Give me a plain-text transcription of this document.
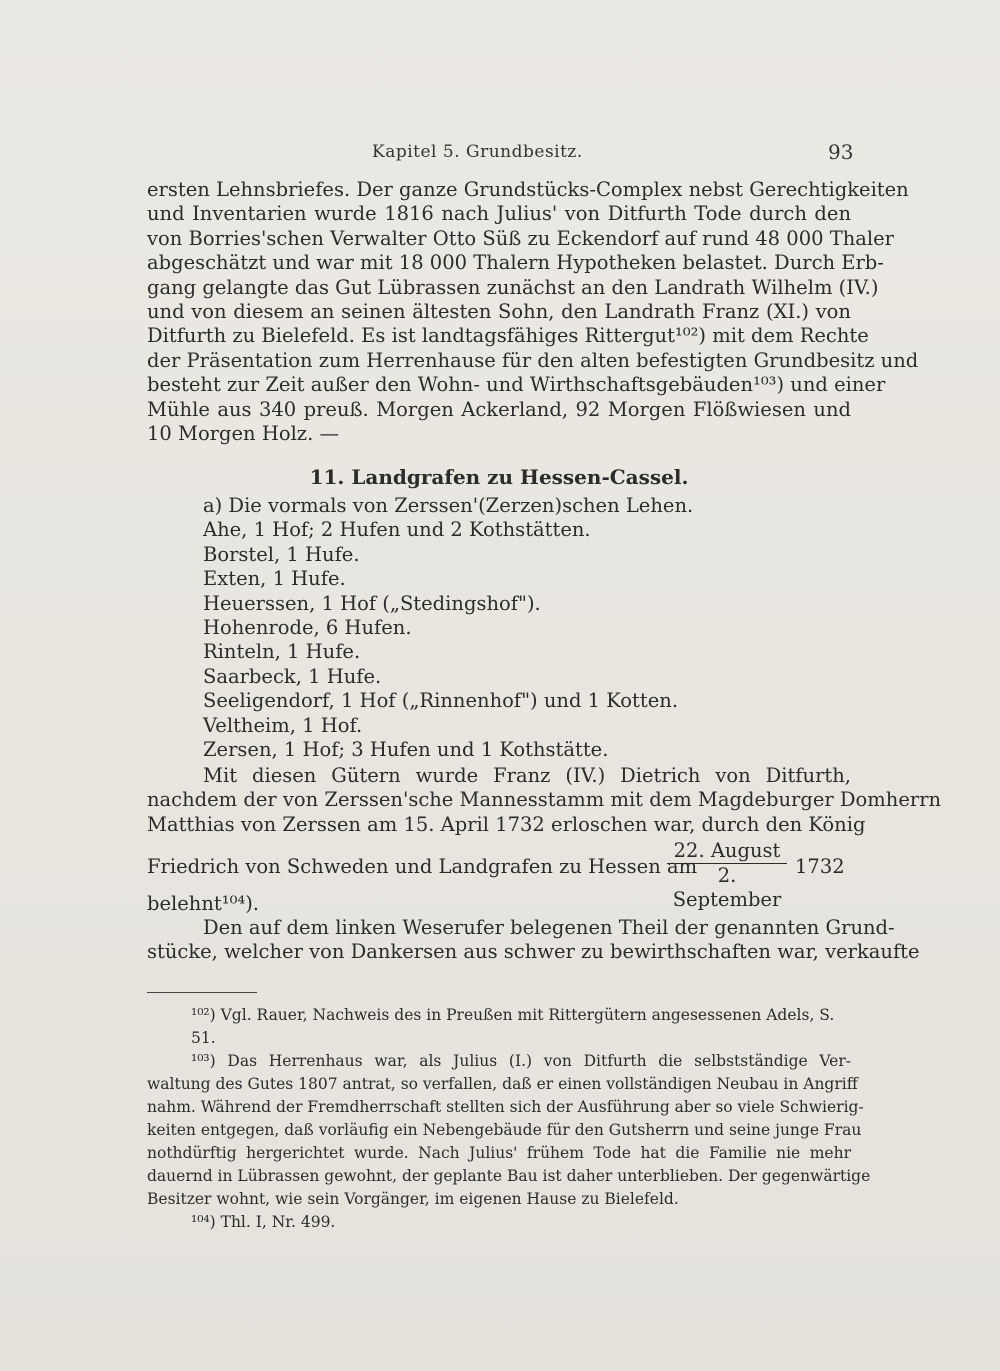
Kapitel 5. Grundbesitz.	93
ersten Lehnsbriefes. Der ganze Grundstücks-Complex nebst Gerechtigkeiten
und Inventarien wurde 1816 nach Julius' von Ditfurth Tode durch den
von Borries'schen Verwalter Otto Süß zu Eckendorf auf rund 48 000 Thaler
abgeschätzt und war mit 18 000 Thalern Hypotheken belastet. Durch Erb-
gang gelangte das Gut Lübrassen zunächst an den Landrath Wilhelm (IV.)
und von diesem an seinen ältesten Sohn, den Landrath Franz (XI.) von
Ditfurth zu Bielefeld. Es ist landtagsfähiges Rittergut¹⁰²) mit dem Rechte
der Präsentation zum Herrenhause für den alten befestigten Grundbesitz und
besteht zur Zeit außer den Wohn- und Wirthschaftsgebäuden¹⁰³) und einer
Mühle aus 340 preuß. Morgen Ackerland, 92 Morgen Flößwiesen und
10 Morgen Holz. —
11. Landgrafen zu Hessen-Cassel.
a) Die vormals von Zerssen'(Zerzen)schen Lehen.
Ahe, 1 Hof; 2 Hufen und 2 Kothstätten.
Borstel, 1 Hufe.
Exten, 1 Hufe.
Heuerssen, 1 Hof („Stedingshof").
Hohenrode, 6 Hufen.
Rinteln, 1 Hufe.
Saarbeck, 1 Hufe.
Seeligendorf, 1 Hof („Rinnenhof") und 1 Kotten.
Veltheim, 1 Hof.
Zersen, 1 Hof; 3 Hufen und 1 Kothstätte.
Mit diesen Gütern wurde Franz (IV.) Dietrich von Ditfurth,
nachdem der von Zerssen'sche Mannesstamm mit dem Magdeburger Domherrn
Matthias von Zerssen am 15. April 1732 erloschen war, durch den König
Friedrich von Schweden und Landgrafen zu Hessen am
22. August
2. September
1732
belehnt¹⁰⁴).
Den auf dem linken Weserufer belegenen Theil der genannten Grund-
stücke, welcher von Dankersen aus schwer zu bewirthschaften war, verkaufte
¹⁰²) Vgl. Rauer, Nachweis des in Preußen mit Rittergütern angesessenen Adels, S. 51.
¹⁰³) Das Herrenhaus war, als Julius (I.) von Ditfurth die selbstständige Ver-
waltung des Gutes 1807 antrat, so verfallen, daß er einen vollständigen Neubau in Angriff
nahm. Während der Fremdherrschaft stellten sich der Ausführung aber so viele Schwierig-
keiten entgegen, daß vorläufig ein Nebengebäude für den Gutsherrn und seine junge Frau
nothdürftig hergerichtet wurde. Nach Julius' frühem Tode hat die Familie nie mehr
dauernd in Lübrassen gewohnt, der geplante Bau ist daher unterblieben. Der gegenwärtige
Besitzer wohnt, wie sein Vorgänger, im eigenen Hause zu Bielefeld.
¹⁰⁴) Thl. I, Nr. 499.
